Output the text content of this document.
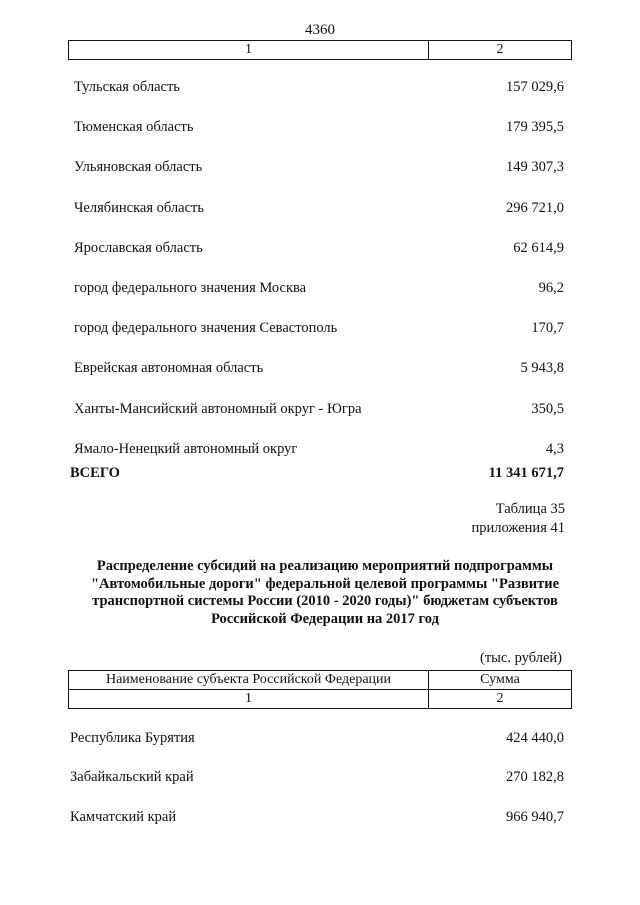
4360
1	2
Тульская область	157 029,6
Тюменская область	179 395,5
Ульяновская область	149 307,3
Челябинская область	296 721,0
Ярославская область	62 614,9
город федерального значения Москва	96,2
город федерального значения Севастополь	170,7
Еврейская автономная область	5 943,8
Ханты-Мансийский автономный округ - Югра	350,5
Ямало-Ненецкий автономный округ	4,3
ВСЕГО	11 341 671,7
Таблица 35
приложения 41
Распределение субсидий на реализацию мероприятий подпрограммы
"Автомобильные дороги" федеральной целевой программы "Развитие
транспортной системы России (2010 - 2020 годы)" бюджетам субъектов
Российской Федерации на 2017 год
(тыс. рублей)
Наименование субъекта Российской Федерации	Сумма
1	2
Республика Бурятия	424 440,0
Забайкальский край	270 182,8
Камчатский край	966 940,7
